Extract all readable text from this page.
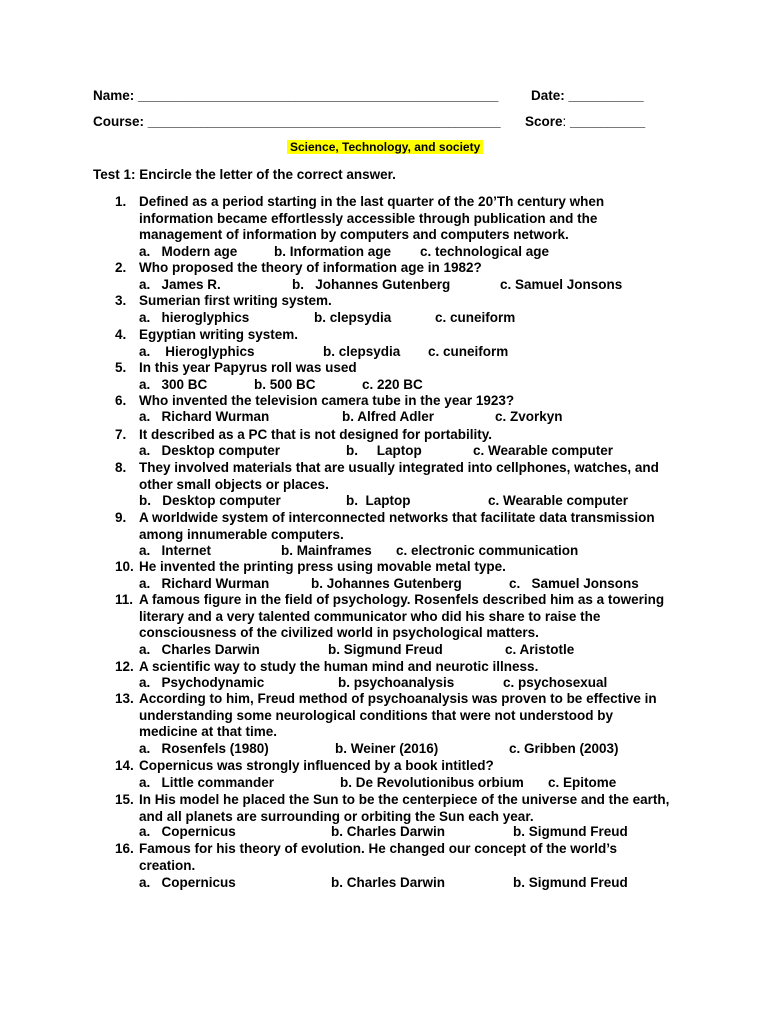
Name: ________________________________________________ Date: __________
Course: _______________________________________________ Score: __________
Science, Technology, and society
Test 1: Encircle the letter of the correct answer.
1. Defined as a period starting in the last quarter of the 20’Th century when information became effortlessly accessible through publication and the management of information by computers and computers network.
a.   Modern age	b. Information age c. technological age
2. Who proposed the theory of information age in 1982?
a.   James R.	b.   Johannes Gutenberg	c. Samuel Jonsons
3. Sumerian first writing system.
a.   hieroglyphics	b. clepsydia	c. cuneiform
4. Egyptian writing system.
a.    Hieroglyphics	b. clepsydia c. cuneiform
5. In this year Papyrus roll was used
a.   300 BC	b. 500 BC	c. 220 BC
6. Who invented the television camera tube in the year 1923?
a.   Richard Wurman	b. Alfred Adler	c. Zvorkyn
7. It described as a PC that is not designed for portability.
a.   Desktop computer	b.     Laptop	c. Wearable computer
8. They involved materials that are usually integrated into cellphones, watches, and other small objects or places.
b.   Desktop computer	b.  Laptop	c. Wearable computer
9. A worldwide system of interconnected networks that facilitate data transmission among innumerable computers.
a.   Internet	b. Mainframes c. electronic communication
10. He invented the printing press using movable metal type.
a.   Richard Wurman	b. Johannes Gutenberg	c.   Samuel Jonsons
11. A famous figure in the field of psychology. Rosenfels described him as a towering literary and a very talented communicator who did his share to raise the consciousness of the civilized world in psychological matters.
a.   Charles Darwin	b. Sigmund Freud	c. Aristotle
12. A scientific way to study the human mind and neurotic illness.
a.   Psychodynamic	b. psychoanalysis	c. psychosexual
13. According to him, Freud method of psychoanalysis was proven to be effective in understanding some neurological conditions that were not understood by medicine at that time.
a.   Rosenfels (1980)	b. Weiner (2016)	c. Gribben (2003)
14. Copernicus was strongly influenced by a book intitled?
a.   Little commander	b. De Revolutionibus orbium c. Epitome
15. In His model he placed the Sun to be the centerpiece of the universe and the earth, and all planets are surrounding or orbiting the Sun each year.
a.   Copernicus	b. Charles Darwin	b. Sigmund Freud
16. Famous for his theory of evolution. He changed our concept of the world’s creation.
a.   Copernicus	b. Charles Darwin	b. Sigmund Freud
